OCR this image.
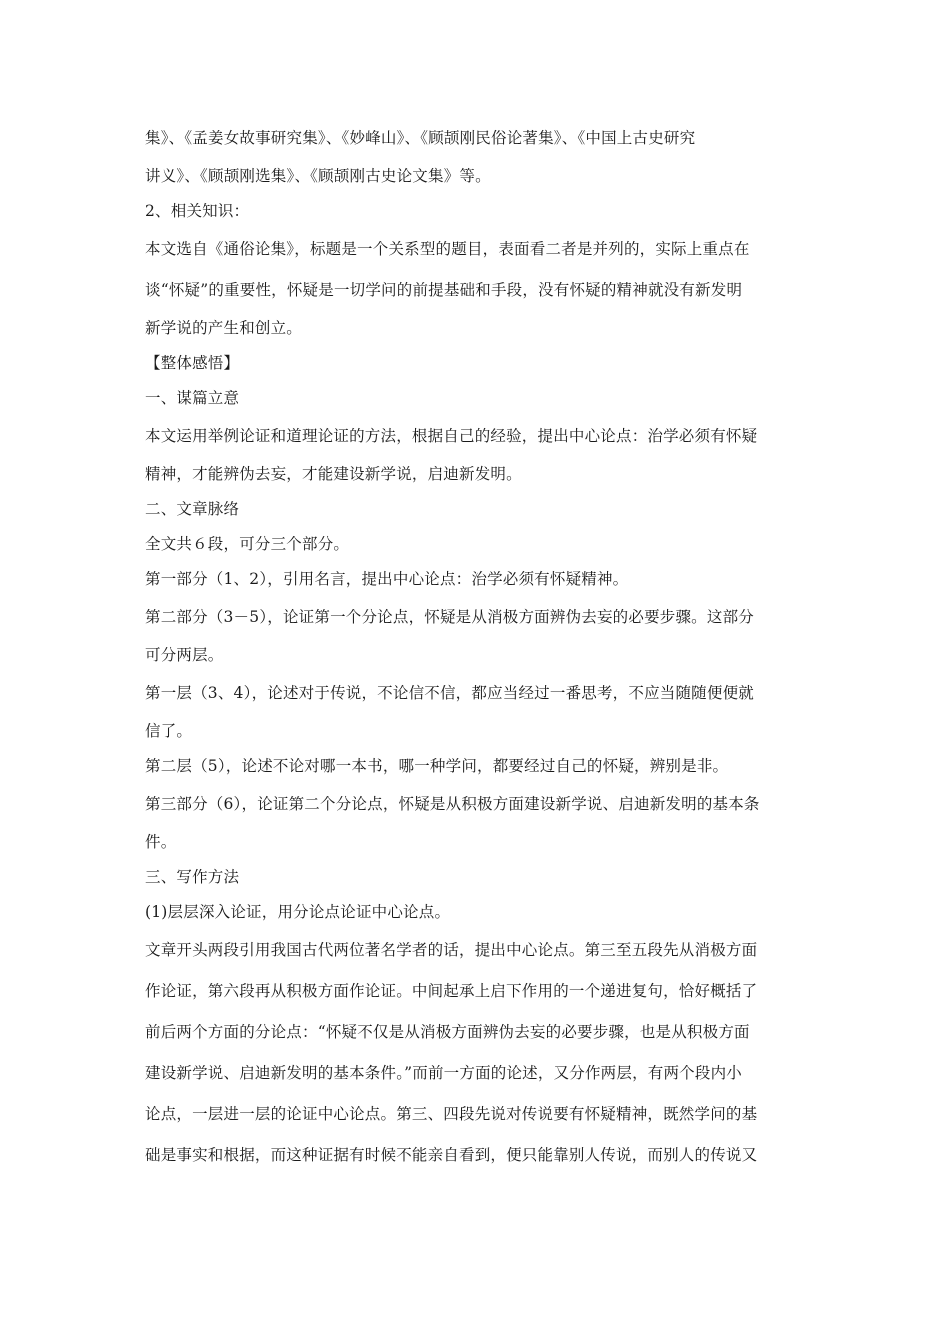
集》、《孟姜女故事研究集》、《妙峰山》、《顾颉刚民俗论著集》、《中国上古史研究

讲义》、《顾颉刚选集》、《顾颉刚古史论文集》等。

2、相关知识：

本文选自《通俗论集》，标题是一个关系型的题目，表面看二者是并列的，实际上重点在

谈“怀疑”的重要性，怀疑是一切学问的前提基础和手段，没有怀疑的精神就没有新发明

新学说的产生和创立。

【整体感悟】

一、谋篇立意

本文运用举例论证和道理论证的方法，根据自己的经验，提出中心论点：治学必须有怀疑

精神，才能辨伪去妄，才能建设新学说，启迪新发明。

二、文章脉络

全文共６段，可分三个部分。

第一部分（1、2），引用名言，提出中心论点：治学必须有怀疑精神。

第二部分（3－5），论证第一个分论点，怀疑是从消极方面辨伪去妄的必要步骤。这部分

可分两层。

第一层（3、4），论述对于传说，不论信不信，都应当经过一番思考，不应当随随便便就

信了。

第二层（5），论述不论对哪一本书，哪一种学问，都要经过自己的怀疑，辨别是非。

第三部分（6），论证第二个分论点，怀疑是从积极方面建设新学说、启迪新发明的基本条

件。

三、写作方法

(1)层层深入论证，用分论点论证中心论点。

文章开头两段引用我国古代两位著名学者的话，提出中心论点。第三至五段先从消极方面

作论证，第六段再从积极方面作论证。中间起承上启下作用的一个递进复句，恰好概括了

前后两个方面的分论点：“怀疑不仅是从消极方面辨伪去妄的必要步骤，也是从积极方面

建设新学说、启迪新发明的基本条件。”而前一方面的论述，又分作两层，有两个段内小

论点，一层进一层的论证中心论点。第三、四段先说对传说要有怀疑精神，既然学问的基

础是事实和根据，而这种证据有时候不能亲自看到，便只能靠别人传说，而别人的传说又
